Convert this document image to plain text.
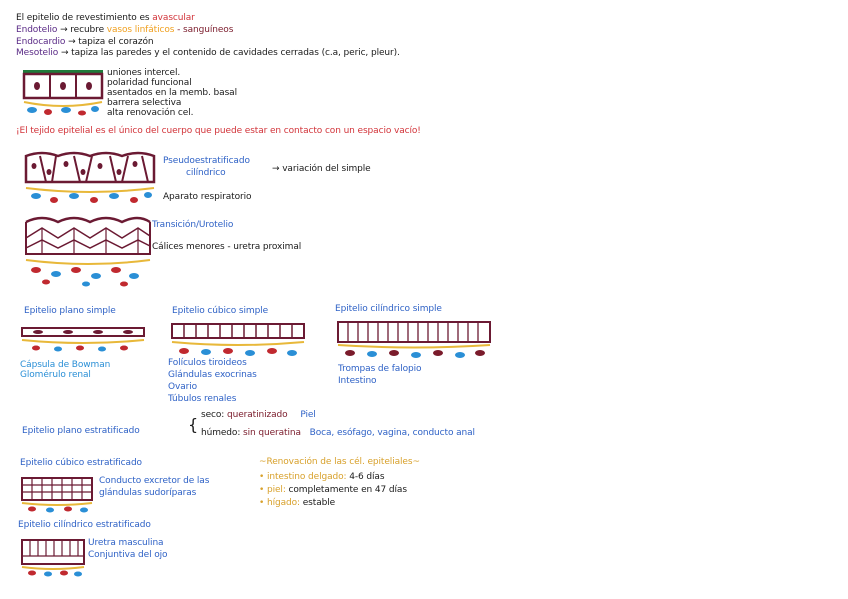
El epitelio de revestimiento es avascular
Endotelio → recubre vasos linfáticos - sanguíneos
Endocardio → tapiza el corazón
Mesotelio → tapiza las paredes y el contenido de cavidades cerradas (c.a, peric, pleur).
uniones intercel.
polaridad funcional
asentados en la memb. basal
barrera selectiva
alta renovación cel.
¡El tejido epitelial es el único del cuerpo que puede estar en contacto con un espacio vacío!
Pseudoestratificado
cilíndrico	→ variación del simple
Aparato respiratorio
Transición/Urotelio
Cálices menores - uretra proximal
Epitelio plano simple
Cápsula de Bowman
Glomérulo renal
Epitelio cúbico simple
Folículos tiroideos
Glándulas exocrinas
Ovario
Túbulos renales
Epitelio cilíndrico simple
Trompas de falopio
Intestino
Epitelio plano estratificado	{ seco: queratinizado Piel
húmedo: sin queratina Boca, esófago, vagina, conducto anal
Epitelio cúbico estratificado
Conducto excretor de las
glándulas sudoríparas
~Renovación de las cél. epiteliales~
• intestino delgado: 4-6 días
• piel: completamente en 47 días
• hígado: estable
Epitelio cilíndrico estratificado
Uretra masculina
Conjuntiva del ojo
